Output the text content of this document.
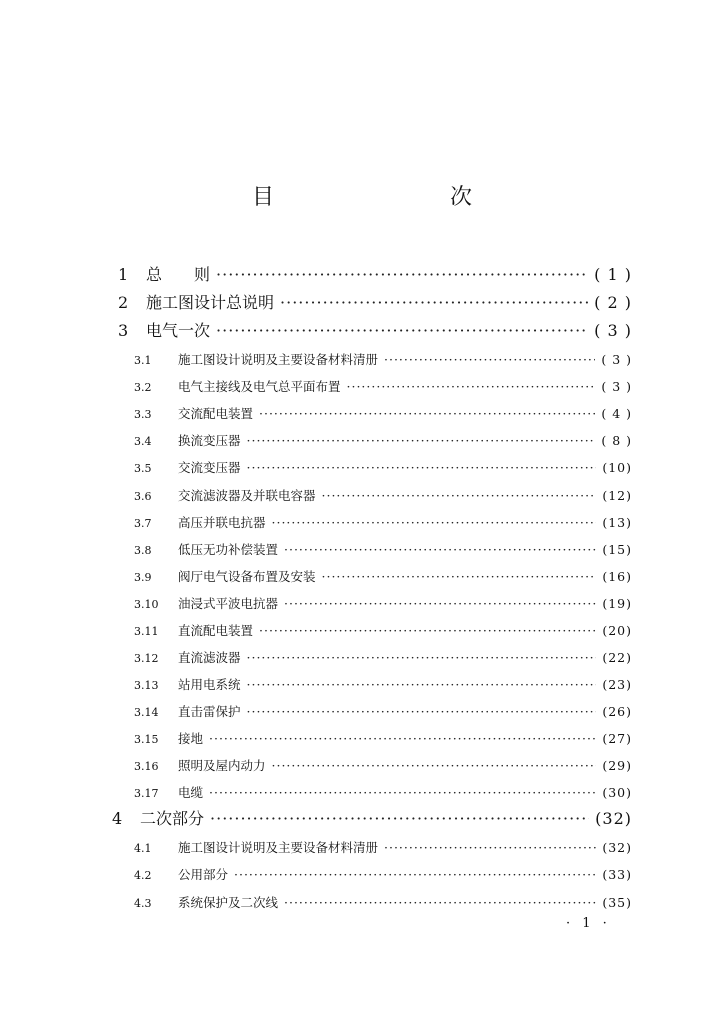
目　　次
1	总　　则 ·····	( 1 )
2	施工图设计总说明 ·····	( 2 )
3	电气一次 ·····	( 3 )
3.1	施工图设计说明及主要设备材料清册 ·····	( 3 )
3.2	电气主接线及电气总平面布置 ·····	( 3 )
3.3	交流配电装置 ·····	( 4 )
3.4	换流变压器 ·····	( 8 )
3.5	交流变压器 ·····	(10)
3.6	交流滤波器及并联电容器 ·····	(12)
3.7	高压并联电抗器 ·····	(13)
3.8	低压无功补偿装置 ·····	(15)
3.9	阀厅电气设备布置及安装 ·····	(16)
3.10	油浸式平波电抗器 ·····	(19)
3.11	直流配电装置 ·····	(20)
3.12	直流滤波器 ·····	(22)
3.13	站用电系统 ·····	(23)
3.14	直击雷保护 ·····	(26)
3.15	接地 ·····	(27)
3.16	照明及屋内动力 ·····	(29)
3.17	电缆 ·····	(30)
4	二次部分 ·····	(32)
4.1	施工图设计说明及主要设备材料清册 ·····	(32)
4.2	公用部分 ·····	(33)
4.3	系统保护及二次线 ·····	(35)
· 1 ·
